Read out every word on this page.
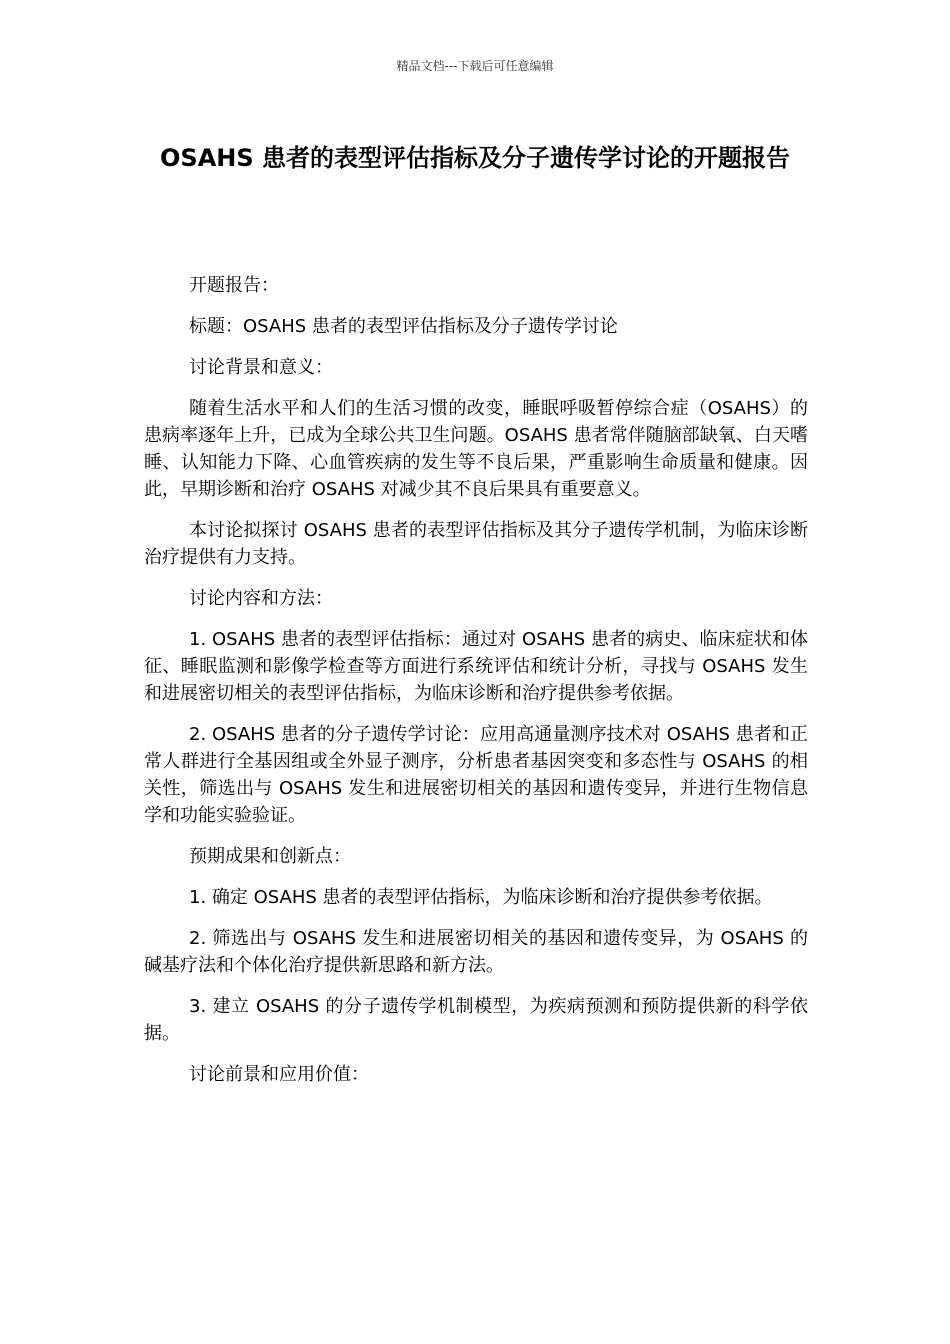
精品文档---下载后可任意编辑
OSAHS 患者的表型评估指标及分子遗传学讨论的开题报告

开题报告：

标题：OSAHS 患者的表型评估指标及分子遗传学讨论

讨论背景和意义：

随着生活水平和人们的生活习惯的改变，睡眠呼吸暂停综合症（OSAHS）的患病率逐年上升，已成为全球公共卫生问题。OSAHS 患者常伴随脑部缺氧、白天嗜睡、认知能力下降、心血管疾病的发生等不良后果，严重影响生命质量和健康。因此，早期诊断和治疗 OSAHS 对减少其不良后果具有重要意义。

本讨论拟探讨 OSAHS 患者的表型评估指标及其分子遗传学机制，为临床诊断治疗提供有力支持。

讨论内容和方法：

1. OSAHS 患者的表型评估指标：通过对 OSAHS 患者的病史、临床症状和体征、睡眠监测和影像学检查等方面进行系统评估和统计分析，寻找与 OSAHS 发生和进展密切相关的表型评估指标，为临床诊断和治疗提供参考依据。

2. OSAHS 患者的分子遗传学讨论：应用高通量测序技术对 OSAHS 患者和正常人群进行全基因组或全外显子测序，分析患者基因突变和多态性与 OSAHS 的相关性，筛选出与 OSAHS 发生和进展密切相关的基因和遗传变异，并进行生物信息学和功能实验验证。

预期成果和创新点：

1. 确定 OSAHS 患者的表型评估指标，为临床诊断和治疗提供参考依据。

2. 筛选出与 OSAHS 发生和进展密切相关的基因和遗传变异，为 OSAHS 的碱基疗法和个体化治疗提供新思路和新方法。

3. 建立 OSAHS 的分子遗传学机制模型，为疾病预测和预防提供新的科学依据。

讨论前景和应用价值：
